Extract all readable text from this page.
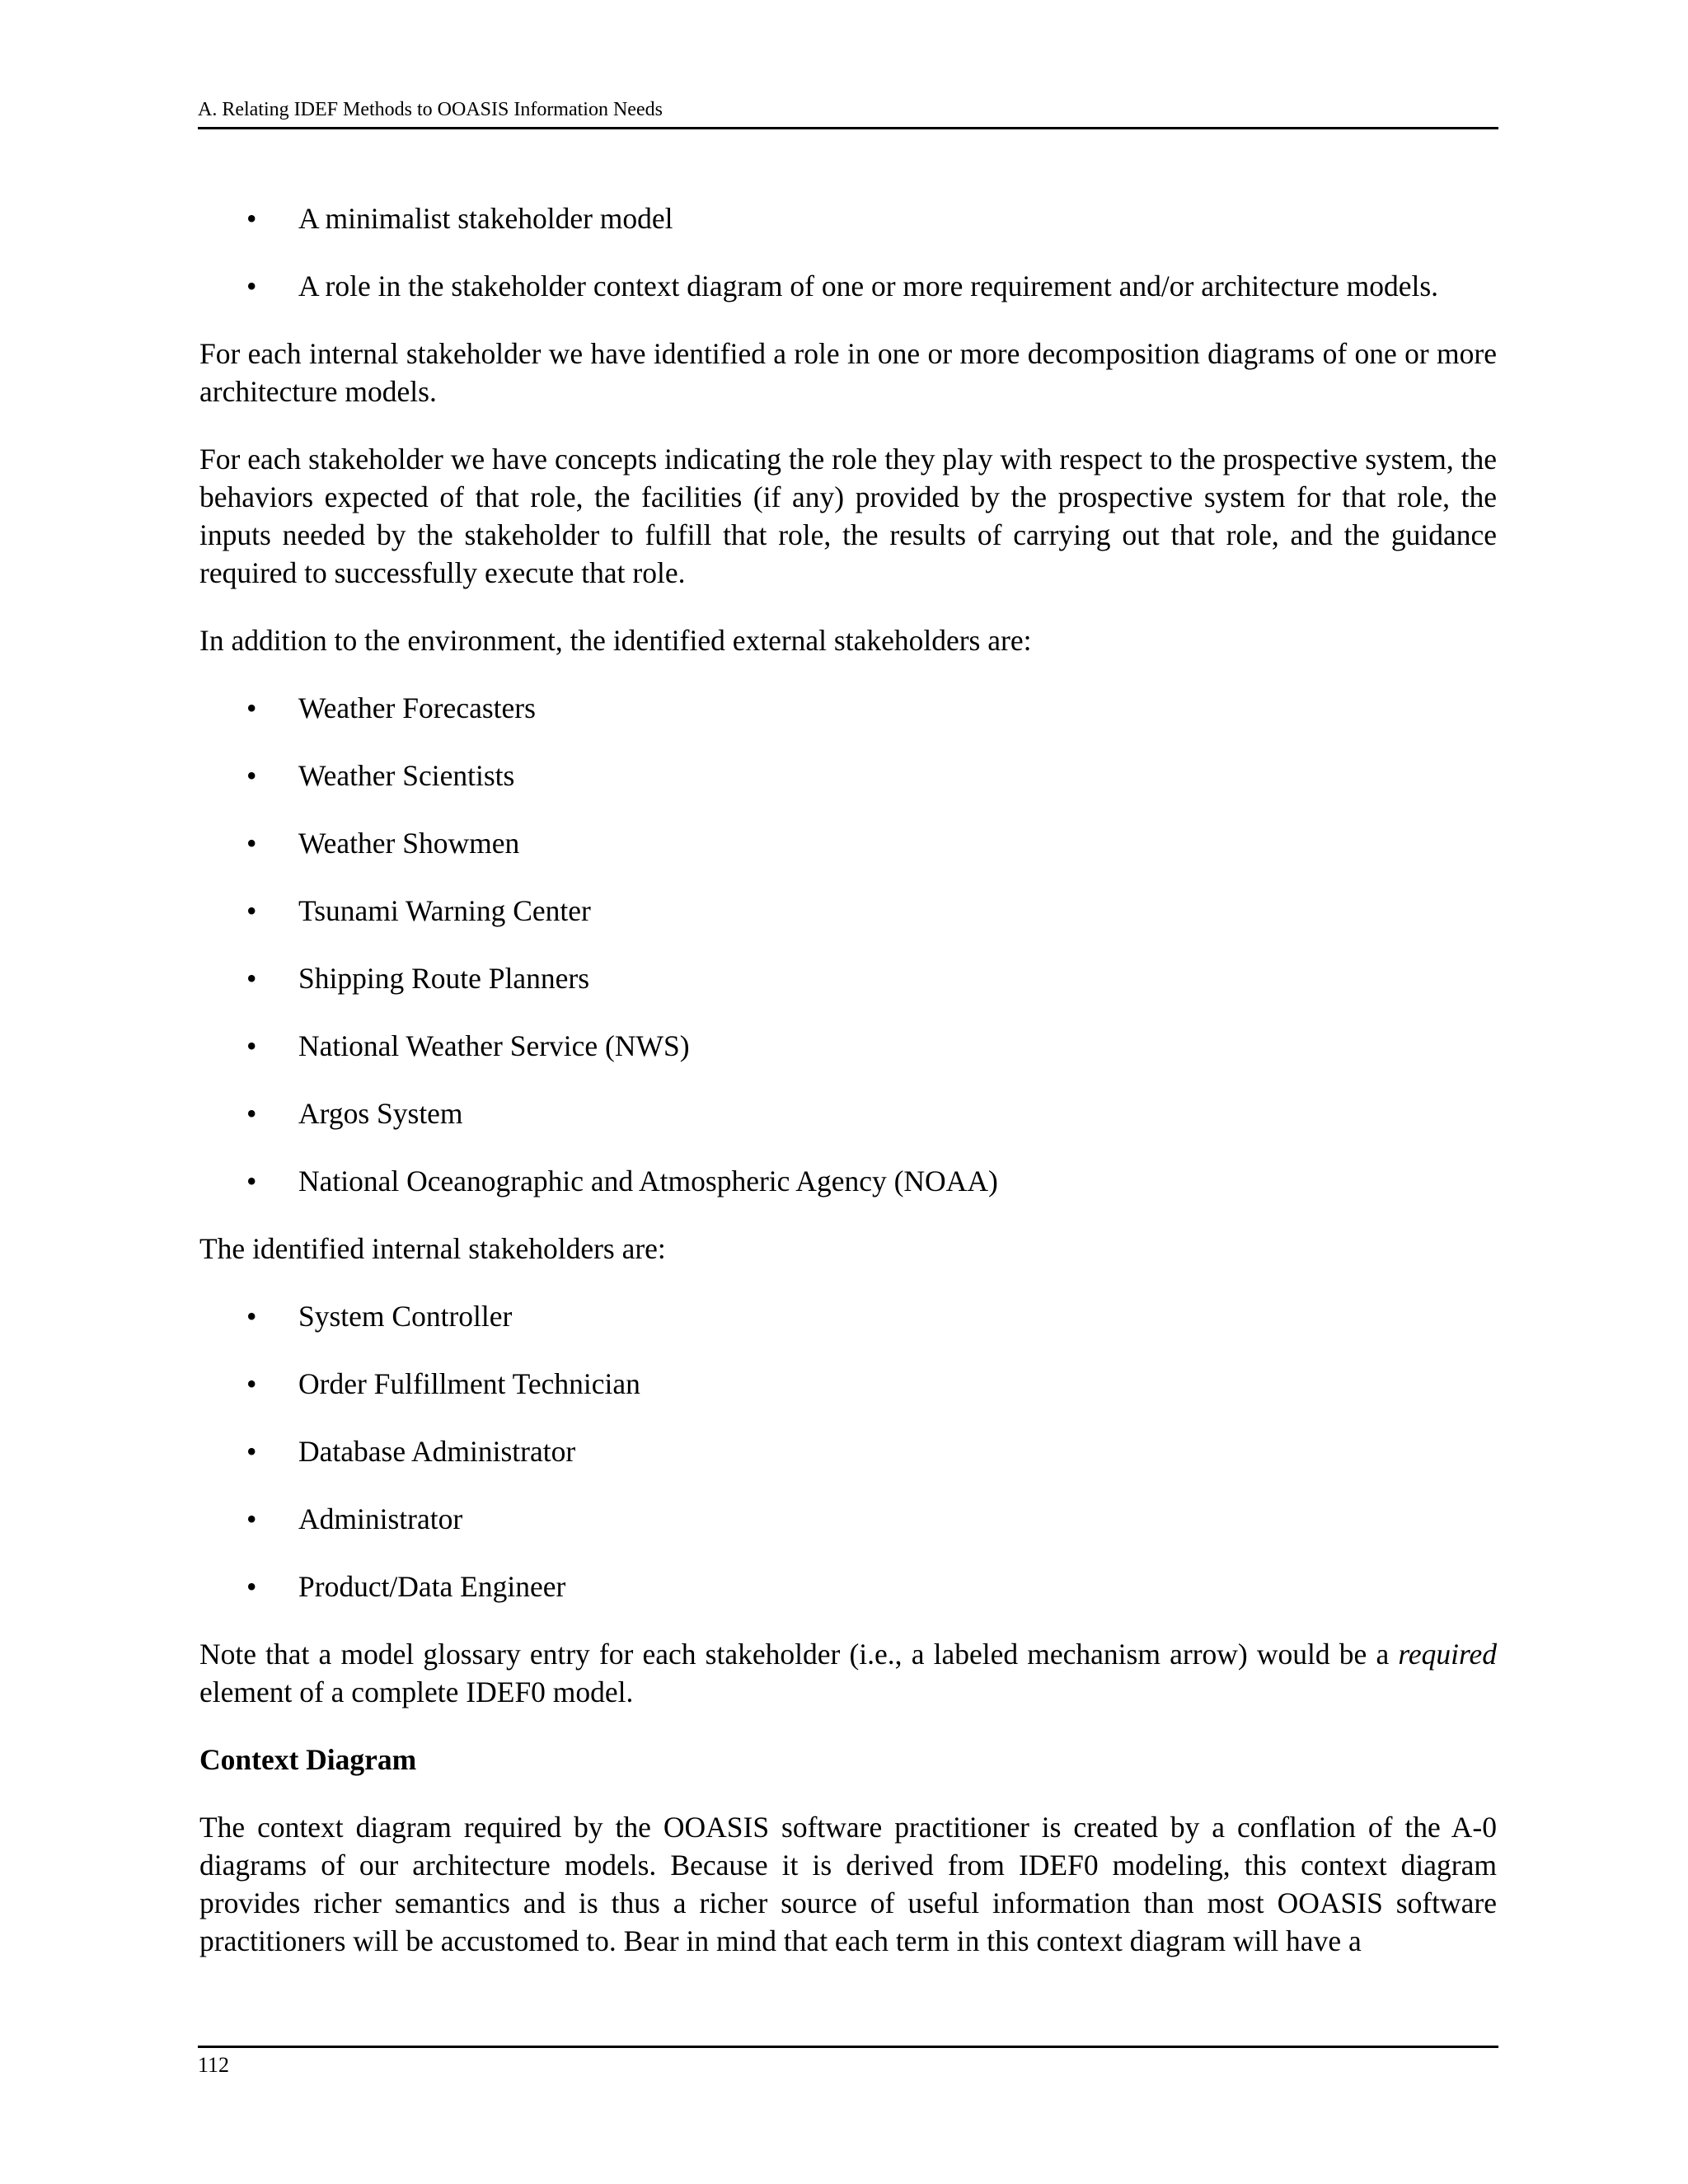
A. Relating IDEF Methods to OOASIS Information Needs
• A minimalist stakeholder model
• A role in the stakeholder context diagram of one or more requirement and/or architecture models.

For each internal stakeholder we have identified a role in one or more decomposition diagrams of one or more architecture models.

For each stakeholder we have concepts indicating the role they play with respect to the prospective system, the behaviors expected of that role, the facilities (if any) provided by the prospective system for that role, the inputs needed by the stakeholder to fulfill that role, the results of carrying out that role, and the guidance required to successfully execute that role.

In addition to the environment, the identified external stakeholders are:

• Weather Forecasters
• Weather Scientists
• Weather Showmen
• Tsunami Warning Center
• Shipping Route Planners
• National Weather Service (NWS)
• Argos System
• National Oceanographic and Atmospheric Agency (NOAA)

The identified internal stakeholders are:

• System Controller
• Order Fulfillment Technician
• Database Administrator
• Administrator
• Product/Data Engineer

Note that a model glossary entry for each stakeholder (i.e., a labeled mechanism arrow) would be a required element of a complete IDEF0 model.

Context Diagram

The context diagram required by the OOASIS software practitioner is created by a conflation of the A-0 diagrams of our architecture models. Because it is derived from IDEF0 modeling, this context diagram provides richer semantics and is thus a richer source of useful information than most OOASIS software practitioners will be accustomed to. Bear in mind that each term in this context diagram will have a

112
